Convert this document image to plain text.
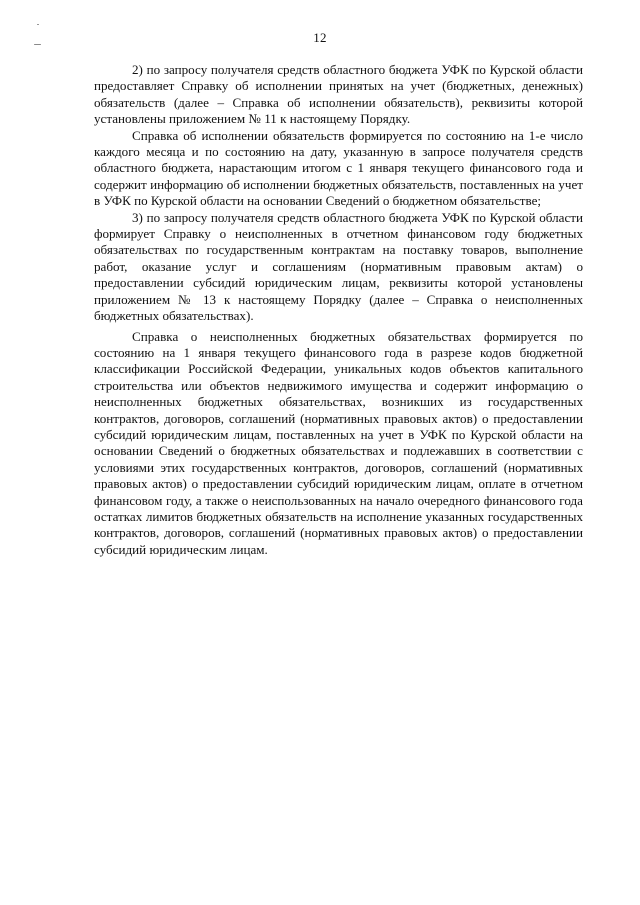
12

2) по запросу получателя средств областного бюджета УФК по Курской области предоставляет Справку об исполнении принятых на учет (бюджетных, денежных) обязательств (далее – Справка об исполнении обязательств), реквизиты которой установлены приложением № 11 к настоящему Порядку.

Справка об исполнении обязательств формируется по состоянию на 1-е число каждого месяца и по состоянию на дату, указанную в запросе получателя средств областного бюджета, нарастающим итогом с 1 января текущего финансового года и содержит информацию об исполнении бюджетных обязательств, поставленных на учет в УФК по Курской области на основании Сведений о бюджетном обязательстве;

3) по запросу получателя средств областного бюджета УФК по Курской области формирует Справку о неисполненных в отчетном финансовом году бюджетных обязательствах по государственным контрактам на поставку товаров, выполнение работ, оказание услуг и соглашениям (нормативным правовым актам) о предоставлении субсидий юридическим лицам, реквизиты которой установлены приложением № 13 к настоящему Порядку (далее – Справка о неисполненных бюджетных обязательствах).

Справка о неисполненных бюджетных обязательствах формируется по состоянию на 1 января текущего финансового года в разрезе кодов бюджетной классификации Российской Федерации, уникальных кодов объектов капитального строительства или объектов недвижимого имущества и содержит информацию о неисполненных бюджетных обязательствах, возникших из государственных контрактов, договоров, соглашений (нормативных правовых актов) о предоставлении субсидий юридическим лицам, поставленных на учет в УФК по Курской области на основании Сведений о бюджетных обязательствах и подлежавших в соответствии с условиями этих государственных контрактов, договоров, соглашений (нормативных правовых актов) о предоставлении субсидий юридическим лицам, оплате в отчетном финансовом году, а также о неиспользованных на начало очередного финансового года остатках лимитов бюджетных обязательств на исполнение указанных государственных контрактов, договоров, соглашений (нормативных правовых актов) о предоставлении субсидий юридическим лицам.
